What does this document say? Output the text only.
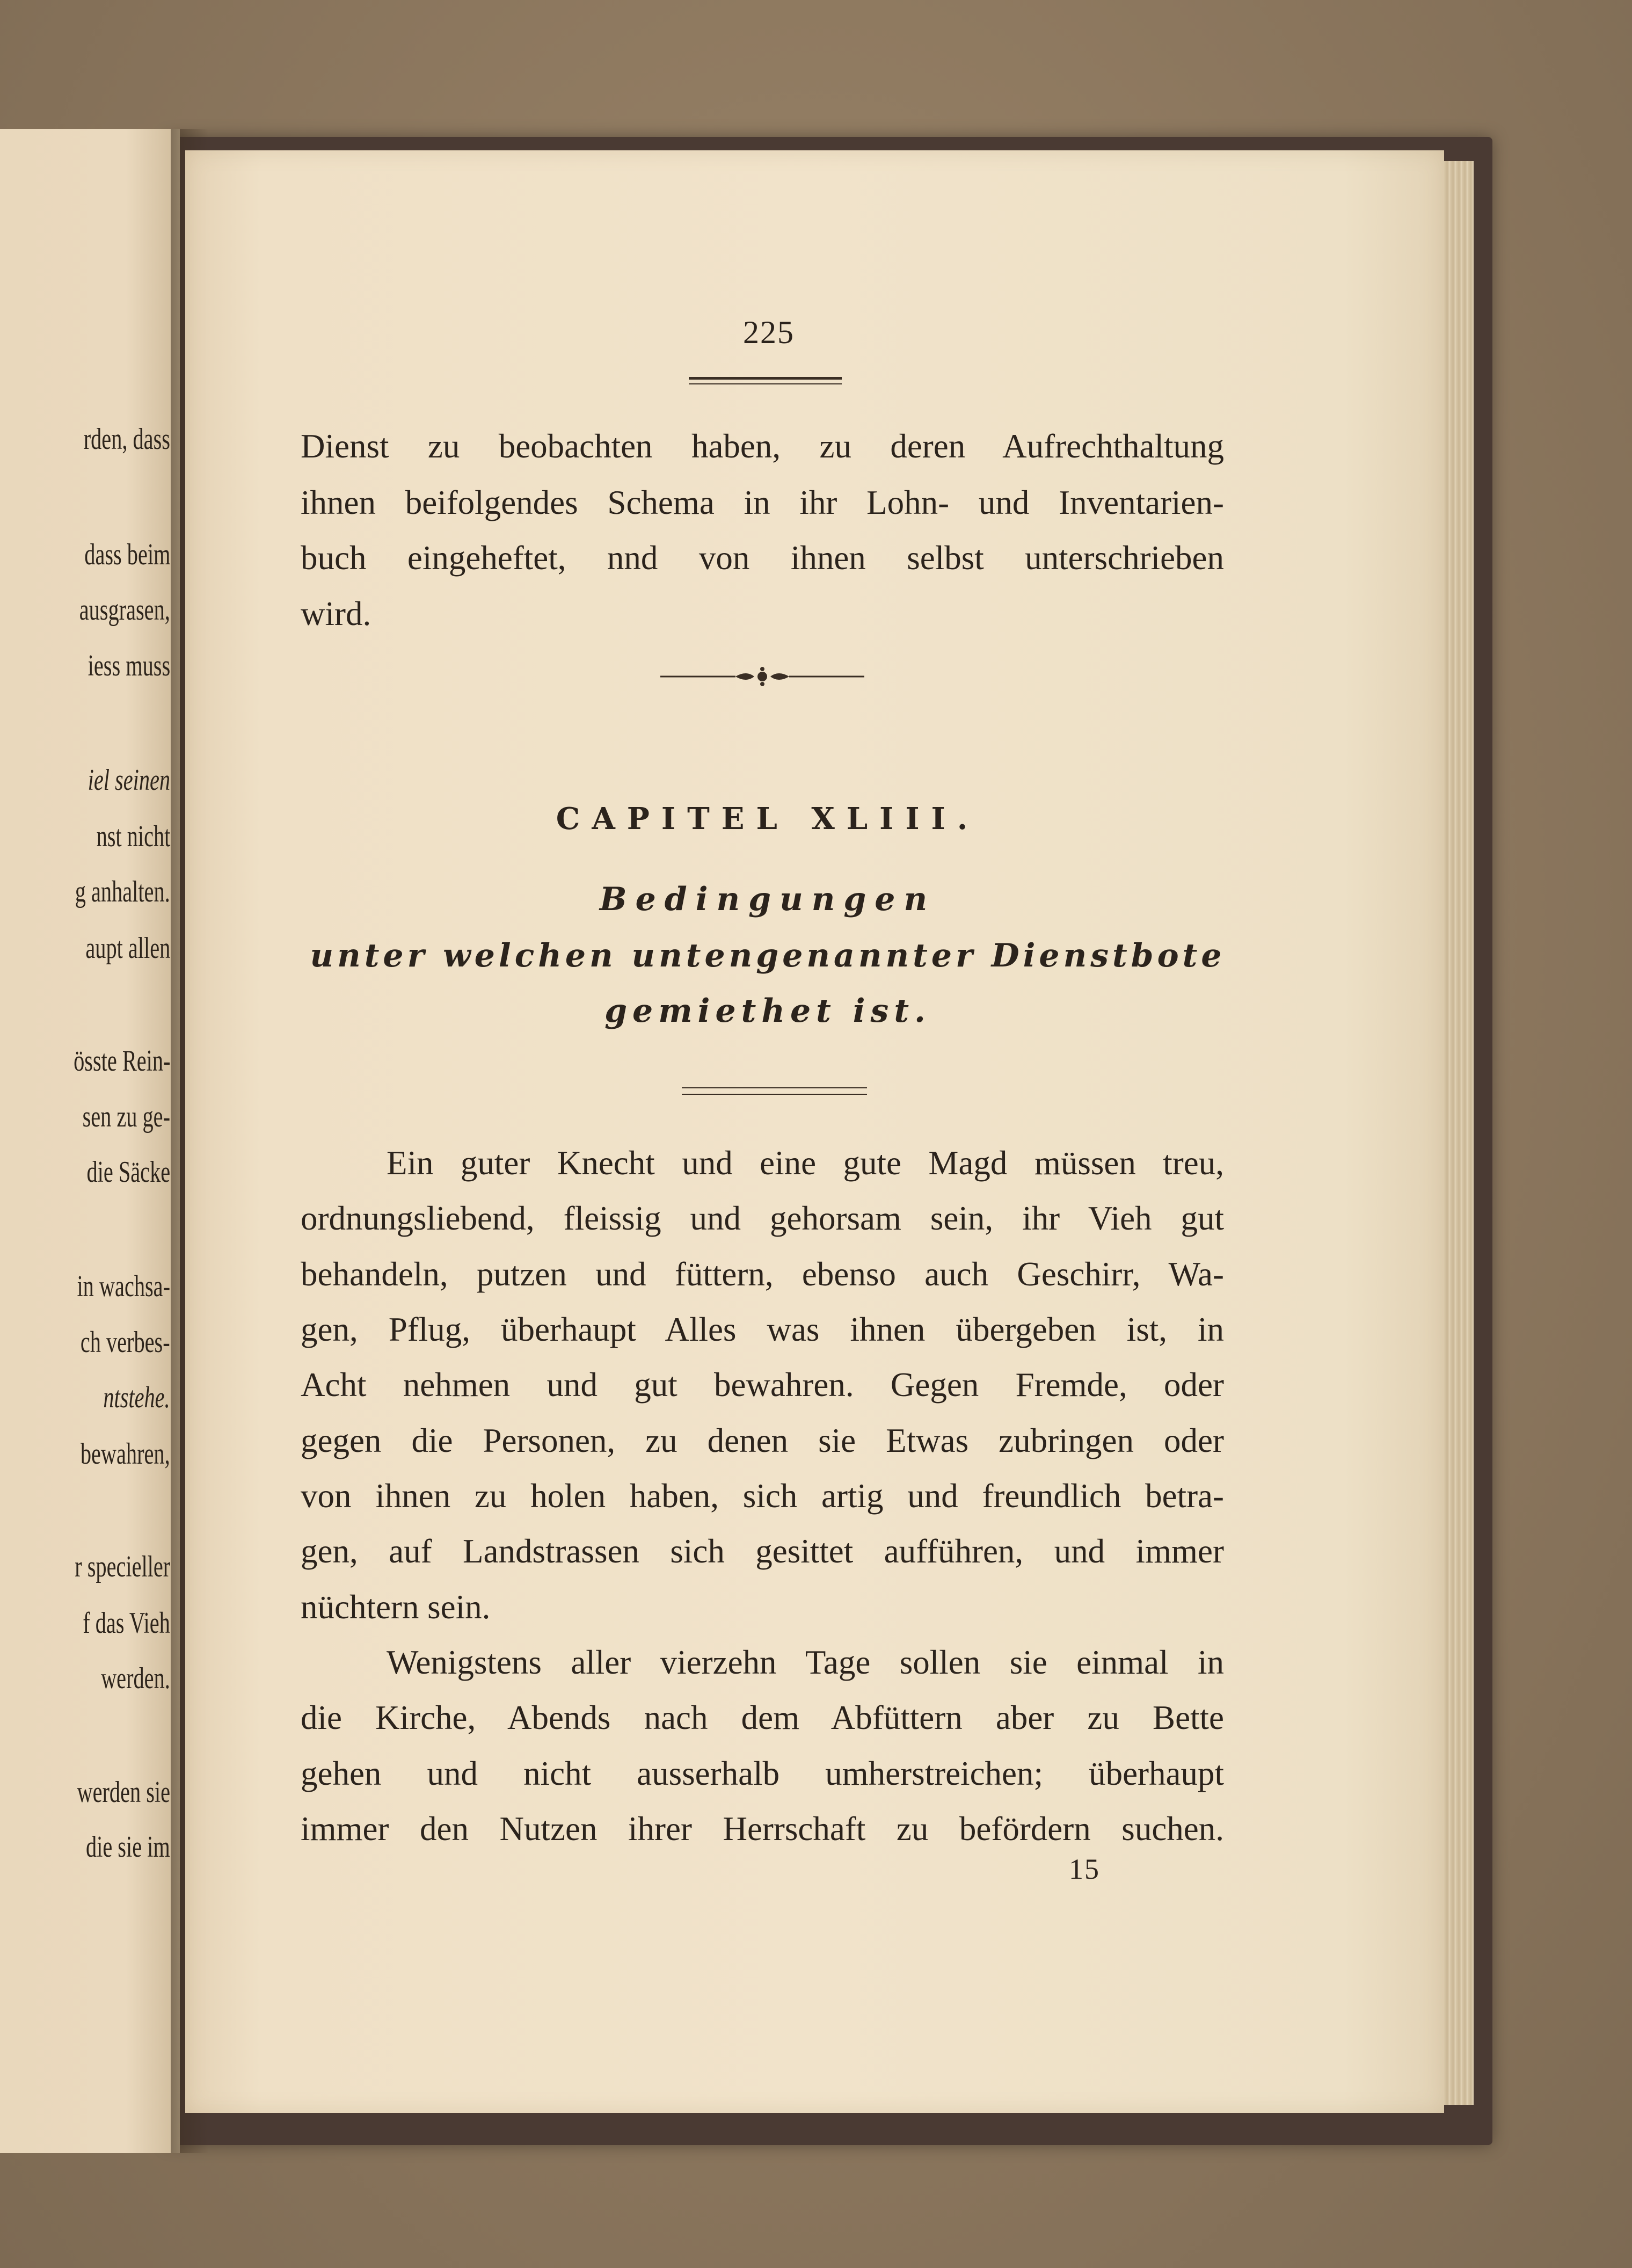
rden, dass
dass beim
ausgrasen,
iess muss
iel seinen
nst nicht
g anhalten.
aupt allen
össte Rein-
sen zu ge-
die Säcke
in wachsa-
ch verbes-
ntstehe.
bewahren,
r specieller
f das Vieh
werden.
werden sie
die sie im
225
Dienst zu beobachten haben, zu deren Aufrechthaltung
ihnen beifolgendes Schema in ihr Lohn- und Inventarien-
buch eingeheftet, nnd von ihnen selbst unterschrieben
wird.
CAPITEL XLIII.
Bedingungen
unter welchen untengenannter Dienstbote
gemiethet ist.
Ein guter Knecht und eine gute Magd müssen treu,
ordnungsliebend, fleissig und gehorsam sein, ihr Vieh gut
behandeln, putzen und füttern, ebenso auch Geschirr, Wa-
gen, Pflug, überhaupt Alles was ihnen übergeben ist, in
Acht nehmen und gut bewahren. Gegen Fremde, oder
gegen die Personen, zu denen sie Etwas zubringen oder
von ihnen zu holen haben, sich artig und freundlich betra-
gen, auf Landstrassen sich gesittet aufführen, und immer
nüchtern sein.
Wenigstens aller vierzehn Tage sollen sie einmal in
die Kirche, Abends nach dem Abfüttern aber zu Bette
gehen und nicht ausserhalb umherstreichen; überhaupt
immer den Nutzen ihrer Herrschaft zu befördern suchen.
15
